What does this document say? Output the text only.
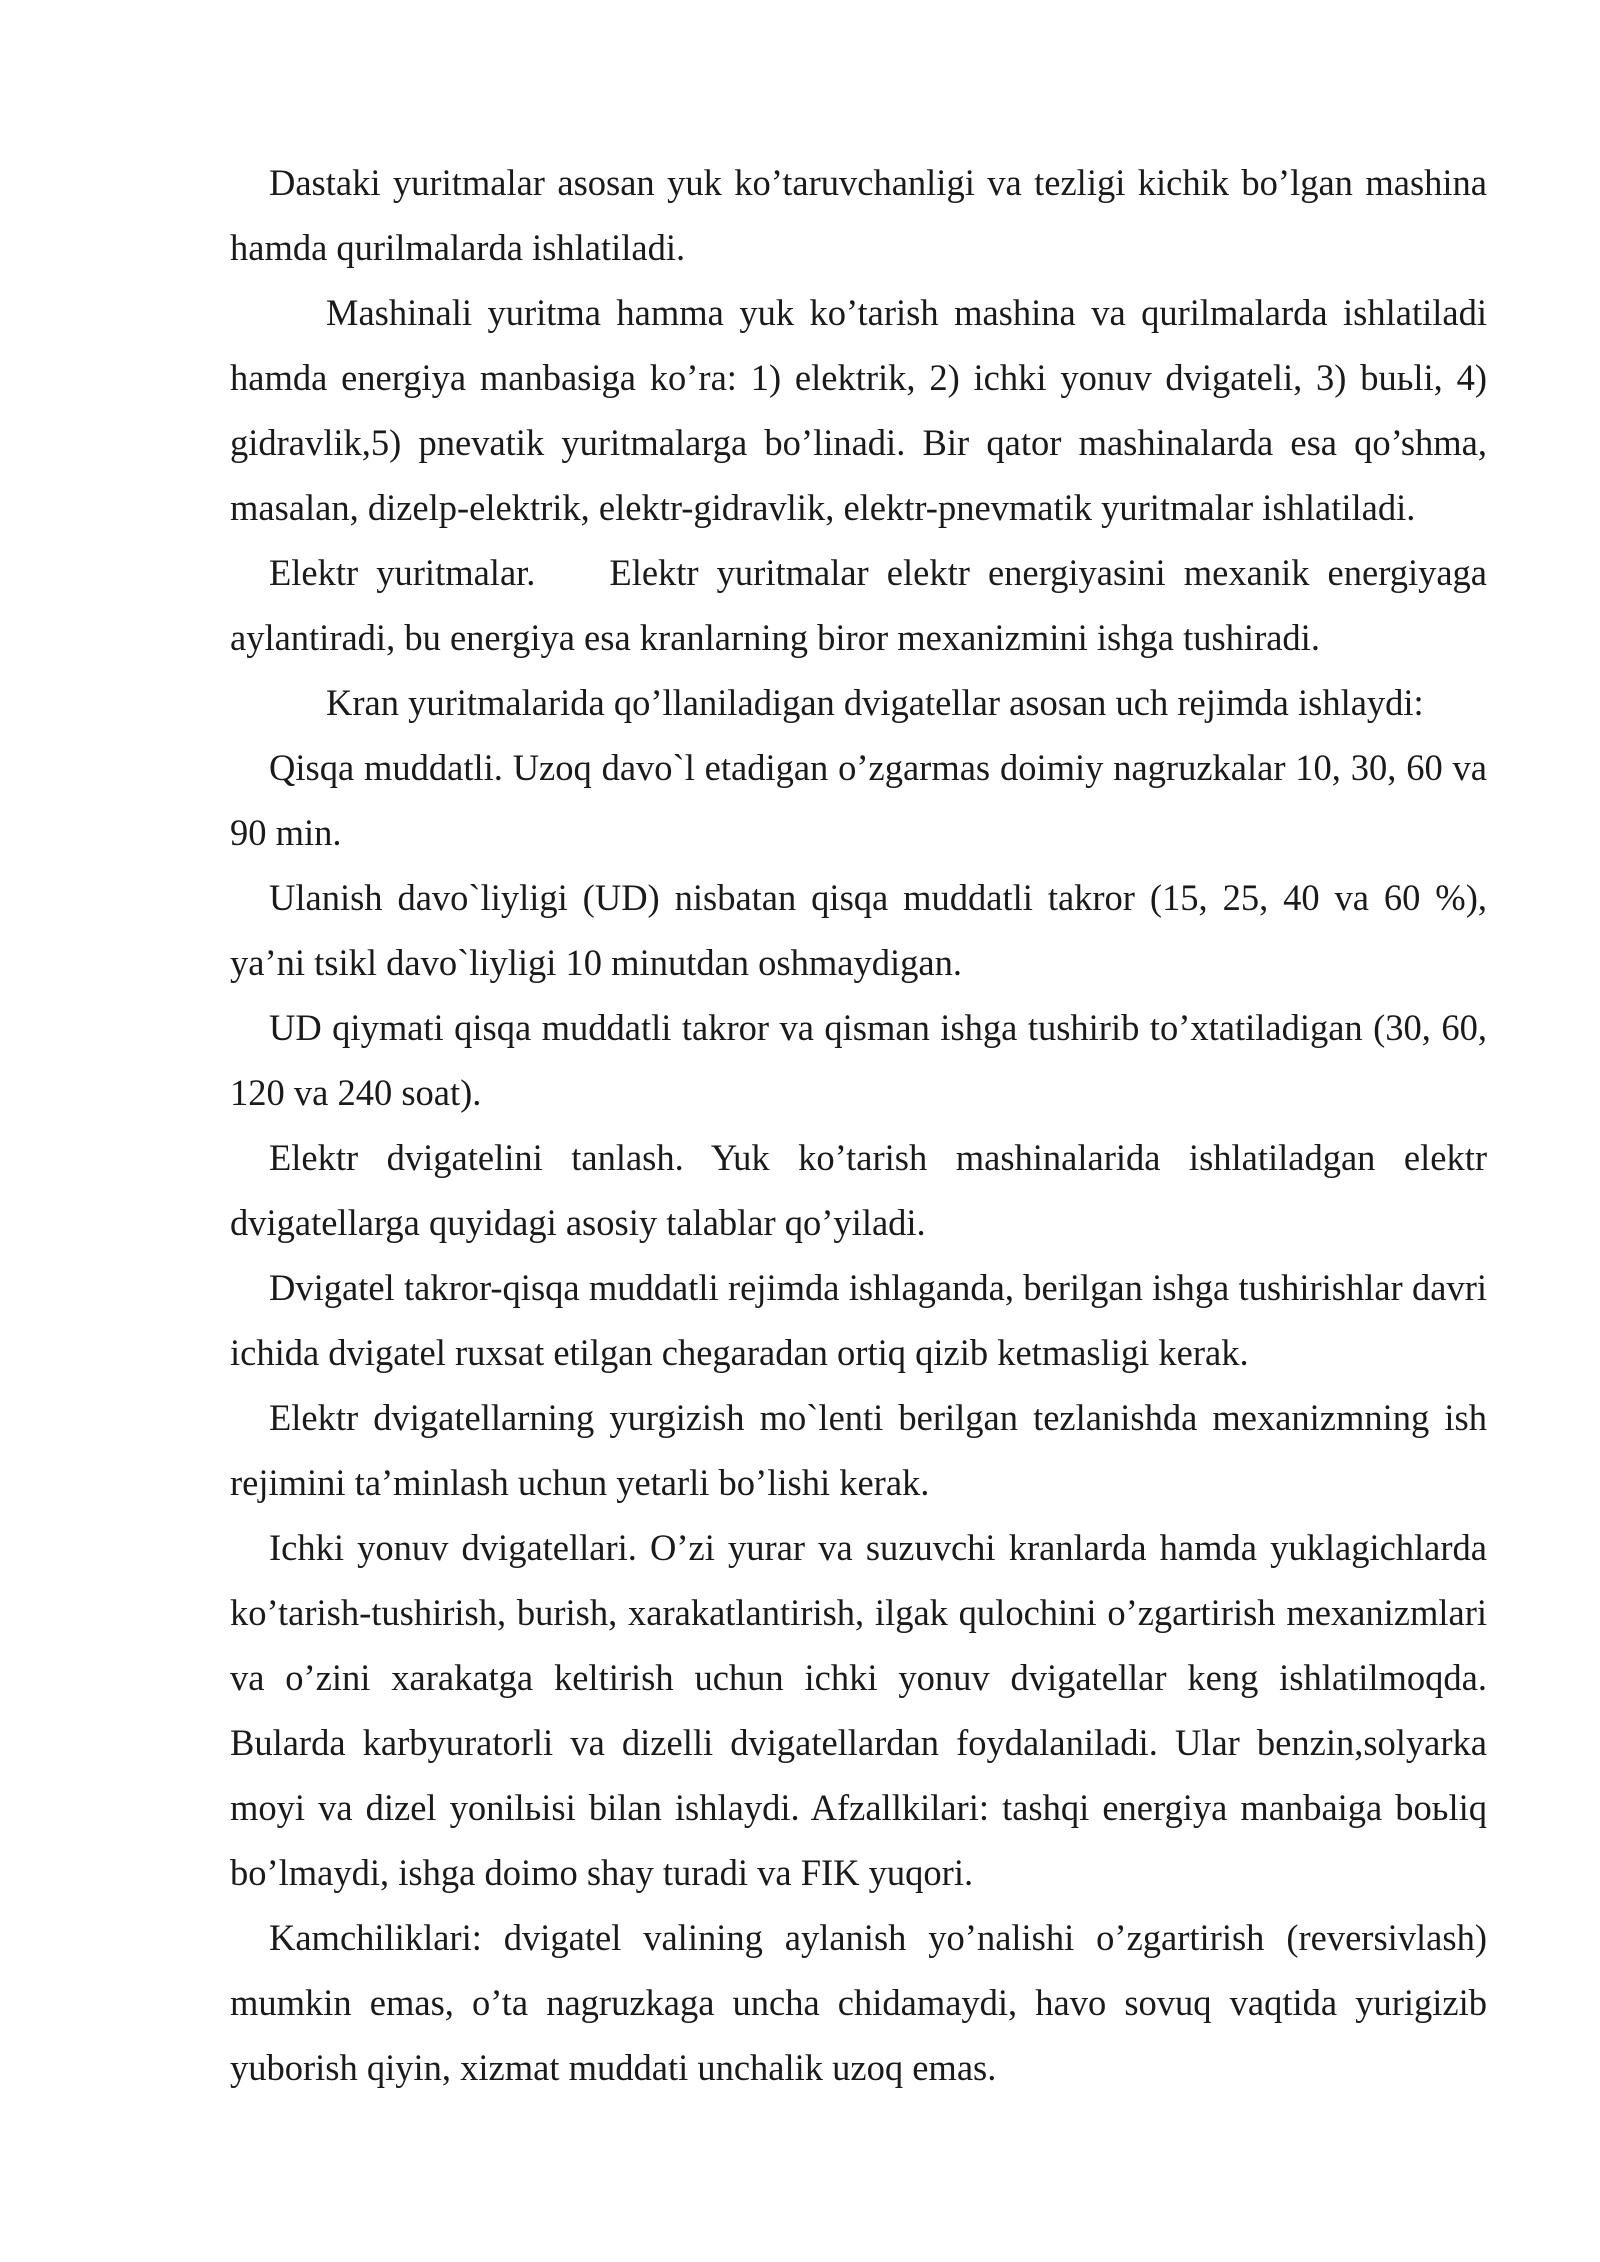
Dastaki yuritmalar asosan yuk ko’taruvchanligi va tezligi kichik bo’lgan mashina hamda qurilmalarda ishlatiladi.

Mashinali yuritma hamma yuk ko’tarish mashina va qurilmalarda ishlatiladi hamda energiya manbasiga ko’ra: 1) elektrik, 2) ichki yonuv dvigateli, 3) buьli, 4) gidravlik,5) pnevatik yuritmalarga bo’linadi. Bir qator mashinalarda esa qo’shma, masalan, dizelp-elektrik, elektr-gidravlik, elektr-pnevmatik yuritmalar ishlatiladi.

Elektr yuritmalar. Elektr yuritmalar elektr energiyasini mexanik energiyaga aylantiradi, bu energiya esa kranlarning biror mexanizmini ishga tushiradi.

Kran yuritmalarida qo’llaniladigan dvigatellar asosan uch rejimda ishlaydi:

Qisqa muddatli. Uzoq davo`l etadigan o’zgarmas doimiy nagruzkalar 10, 30, 60 va 90 min.

Ulanish davo`liyligi (UD) nisbatan qisqa muddatli takror (15, 25, 40 va 60 %), ya’ni tsikl davo`liyligi 10 minutdan oshmaydigan.

UD qiymati qisqa muddatli takror va qisman ishga tushirib to’xtatiladigan (30, 60, 120 va 240 soat).

Elektr dvigatelini tanlash. Yuk ko’tarish mashinalarida ishlatiladgan elektr dvigatellarga quyidagi asosiy talablar qo’yiladi.

Dvigatel takror-qisqa muddatli rejimda ishlaganda, berilgan ishga tushirishlar davri ichida dvigatel ruxsat etilgan chegaradan ortiq qizib ketmasligi kerak.

Elektr dvigatellarning yurgizish mo`lenti berilgan tezlanishda mexanizmning ish rejimini ta’minlash uchun yetarli bo’lishi kerak.

Ichki yonuv dvigatellari. O’zi yurar va suzuvchi kranlarda hamda yuklagichlarda ko’tarish-tushirish, burish, xarakatlantirish, ilgak qulochini o’zgartirish mexanizmlari va o’zini xarakatga keltirish uchun ichki yonuv dvigatellar keng ishlatilmoqda. Bularda karbyuratorli va dizelli dvigatellardan foydalaniladi. Ular benzin,solyarka moyi va dizel yonilьisi bilan ishlaydi. Afzallkilari: tashqi energiya manbaiga boьliq bo’lmaydi, ishga doimo shay turadi va FIK yuqori.

Kamchiliklari: dvigatel valining aylanish yo’nalishi o’zgartirish (reversivlash) mumkin emas, o’ta nagruzkaga uncha chidamaydi, havo sovuq vaqtida yurigizib yuborish qiyin, xizmat muddati unchalik uzoq emas.
